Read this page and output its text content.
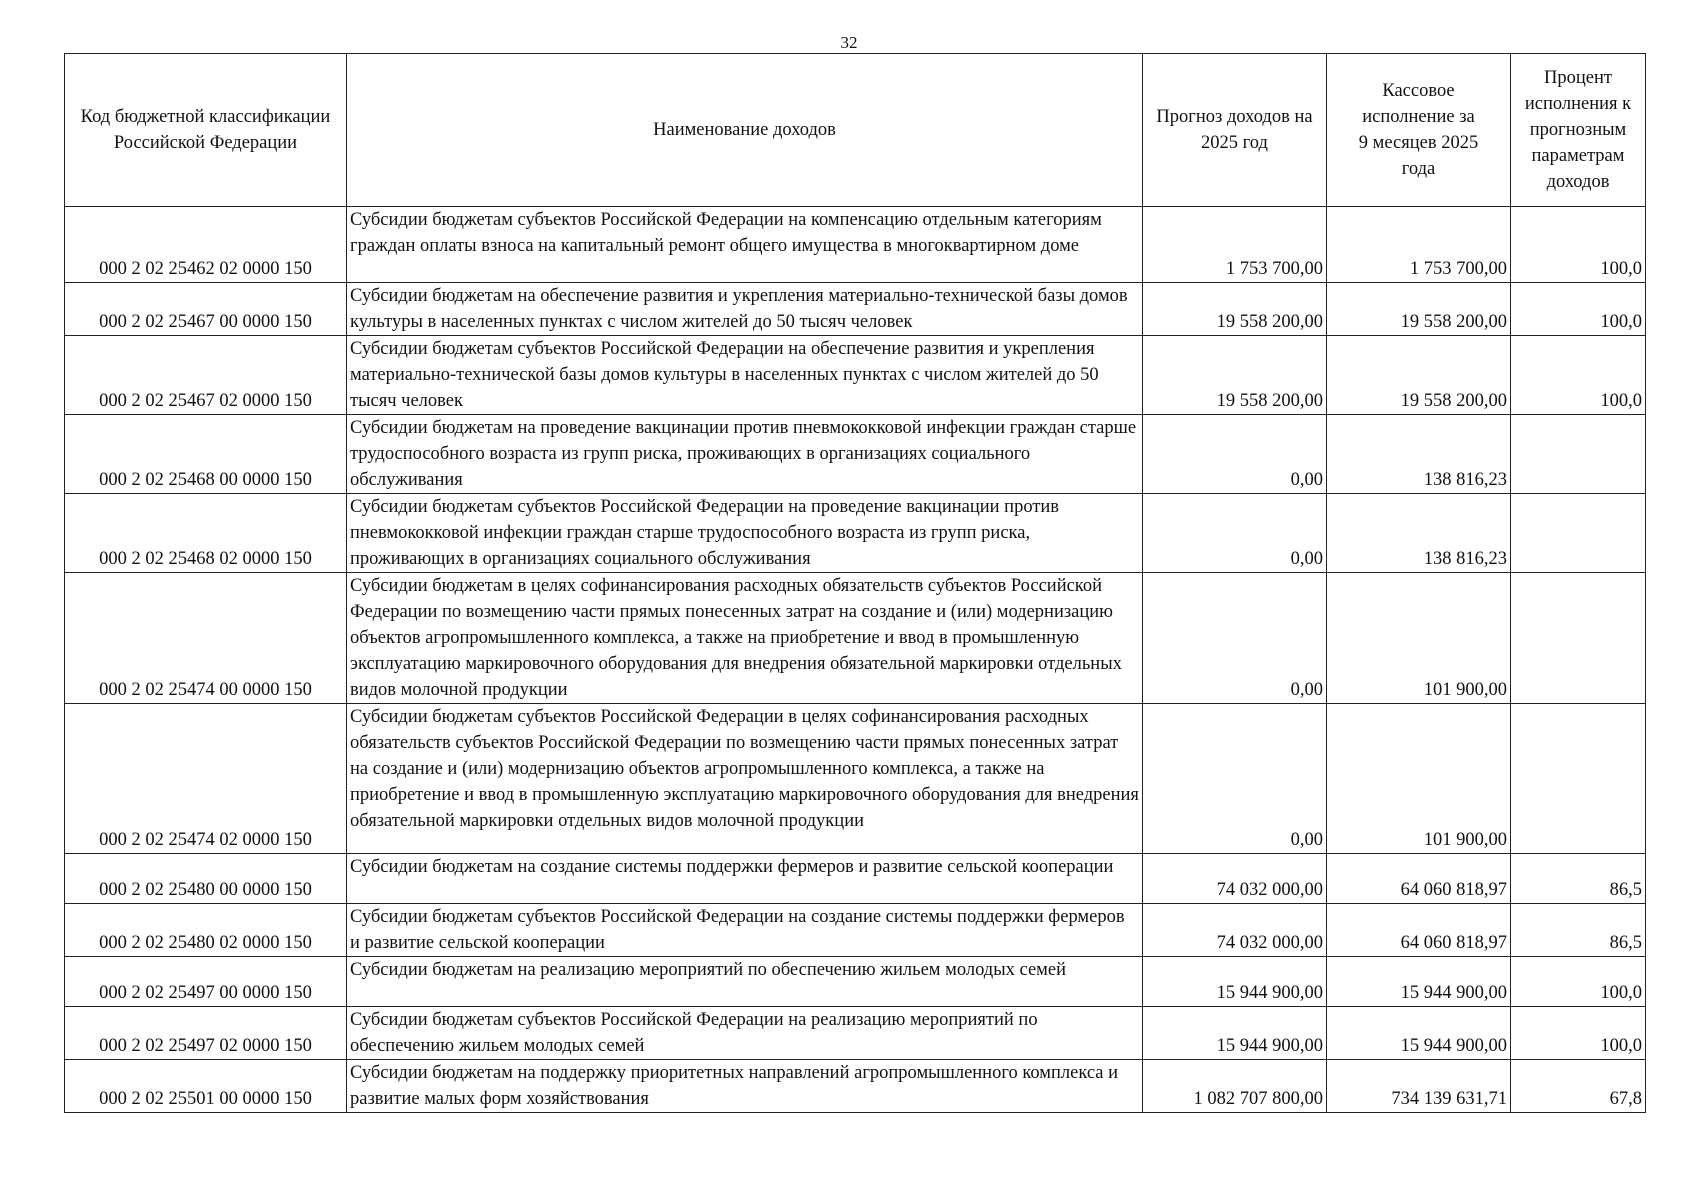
32
Код бюджетной классификации Российской Федерации	Наименование доходов	Прогноз доходов на 2025 год	Кассовое исполнение за 9 месяцев 2025 года	Процент исполнения к прогнозным параметрам доходов
000 2 02 25462 02 0000 150	Субсидии бюджетам субъектов Российской Федерации на компенсацию отдельным категориям граждан оплаты взноса на капитальный ремонт общего имущества в многоквартирном доме	1 753 700,00	1 753 700,00	100,0
000 2 02 25467 00 0000 150	Субсидии бюджетам на обеспечение развития и укрепления материально-технической базы домов культуры в населенных пунктах с числом жителей до 50 тысяч человек	19 558 200,00	19 558 200,00	100,0
000 2 02 25467 02 0000 150	Субсидии бюджетам субъектов Российской Федерации на обеспечение развития и укрепления материально-технической базы домов культуры в населенных пунктах с числом жителей до 50 тысяч человек	19 558 200,00	19 558 200,00	100,0
000 2 02 25468 00 0000 150	Субсидии бюджетам на проведение вакцинации против пневмококковой инфекции граждан старше трудоспособного возраста из групп риска, проживающих в организациях социального обслуживания	0,00	138 816,23	
000 2 02 25468 02 0000 150	Субсидии бюджетам субъектов Российской Федерации на проведение вакцинации против пневмококковой инфекции граждан старше трудоспособного возраста из групп риска, проживающих в организациях социального обслуживания	0,00	138 816,23	
000 2 02 25474 00 0000 150	Субсидии бюджетам в целях софинансирования расходных обязательств субъектов Российской Федерации по возмещению части прямых понесенных затрат на создание и (или) модернизацию объектов агропромышленного комплекса, а также на приобретение и ввод в промышленную эксплуатацию маркировочного оборудования для внедрения обязательной маркировки отдельных видов молочной продукции	0,00	101 900,00	
000 2 02 25474 02 0000 150	Субсидии бюджетам субъектов Российской Федерации в целях софинансирования расходных обязательств субъектов Российской Федерации по возмещению части прямых понесенных затрат на создание и (или) модернизацию объектов агропромышленного комплекса, а также на приобретение и ввод в промышленную эксплуатацию маркировочного оборудования для внедрения обязательной маркировки отдельных видов молочной продукции	0,00	101 900,00	
000 2 02 25480 00 0000 150	Субсидии бюджетам на создание системы поддержки фермеров и развитие сельской кооперации	74 032 000,00	64 060 818,97	86,5
000 2 02 25480 02 0000 150	Субсидии бюджетам субъектов Российской Федерации на создание системы поддержки фермеров и развитие сельской кооперации	74 032 000,00	64 060 818,97	86,5
000 2 02 25497 00 0000 150	Субсидии бюджетам на реализацию мероприятий по обеспечению жильем молодых семей	15 944 900,00	15 944 900,00	100,0
000 2 02 25497 02 0000 150	Субсидии бюджетам субъектов Российской Федерации на реализацию мероприятий по обеспечению жильем молодых семей	15 944 900,00	15 944 900,00	100,0
000 2 02 25501 00 0000 150	Субсидии бюджетам на поддержку приоритетных направлений агропромышленного комплекса и развитие малых форм хозяйствования	1 082 707 800,00	734 139 631,71	67,8
